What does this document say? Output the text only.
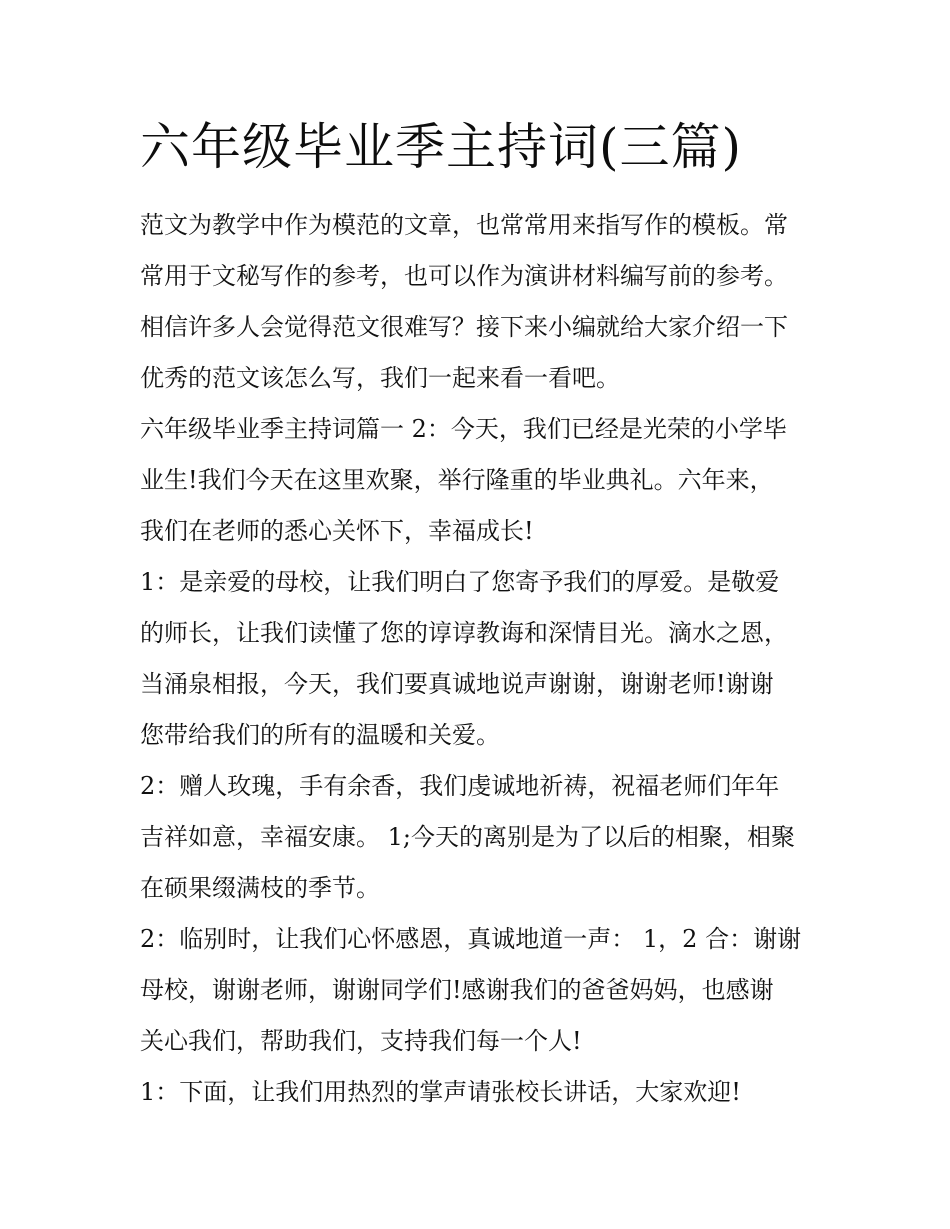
六年级毕业季主持词(三篇)
范文为教学中作为模范的文章，也常常用来指写作的模板。常
常用于文秘写作的参考，也可以作为演讲材料编写前的参考。
相信许多人会觉得范文很难写？接下来小编就给大家介绍一下
优秀的范文该怎么写，我们一起来看一看吧。
六年级毕业季主持词篇一 2：今天，我们已经是光荣的小学毕
业生!我们今天在这里欢聚，举行隆重的毕业典礼。六年来，
我们在老师的悉心关怀下，幸福成长!
1：是亲爱的母校，让我们明白了您寄予我们的厚爱。是敬爱
的师长，让我们读懂了您的谆谆教诲和深情目光。滴水之恩，
当涌泉相报，今天，我们要真诚地说声谢谢，谢谢老师!谢谢
您带给我们的所有的温暖和关爱。
2：赠人玫瑰，手有余香，我们虔诚地祈祷，祝福老师们年年
吉祥如意，幸福安康。 1;今天的离别是为了以后的相聚，相聚
在硕果缀满枝的季节。
2：临别时，让我们心怀感恩，真诚地道一声： 1，2 合：谢谢
母校，谢谢老师，谢谢同学们!感谢我们的爸爸妈妈，也感谢
关心我们，帮助我们，支持我们每一个人!
1：下面，让我们用热烈的掌声请张校长讲话，大家欢迎!
